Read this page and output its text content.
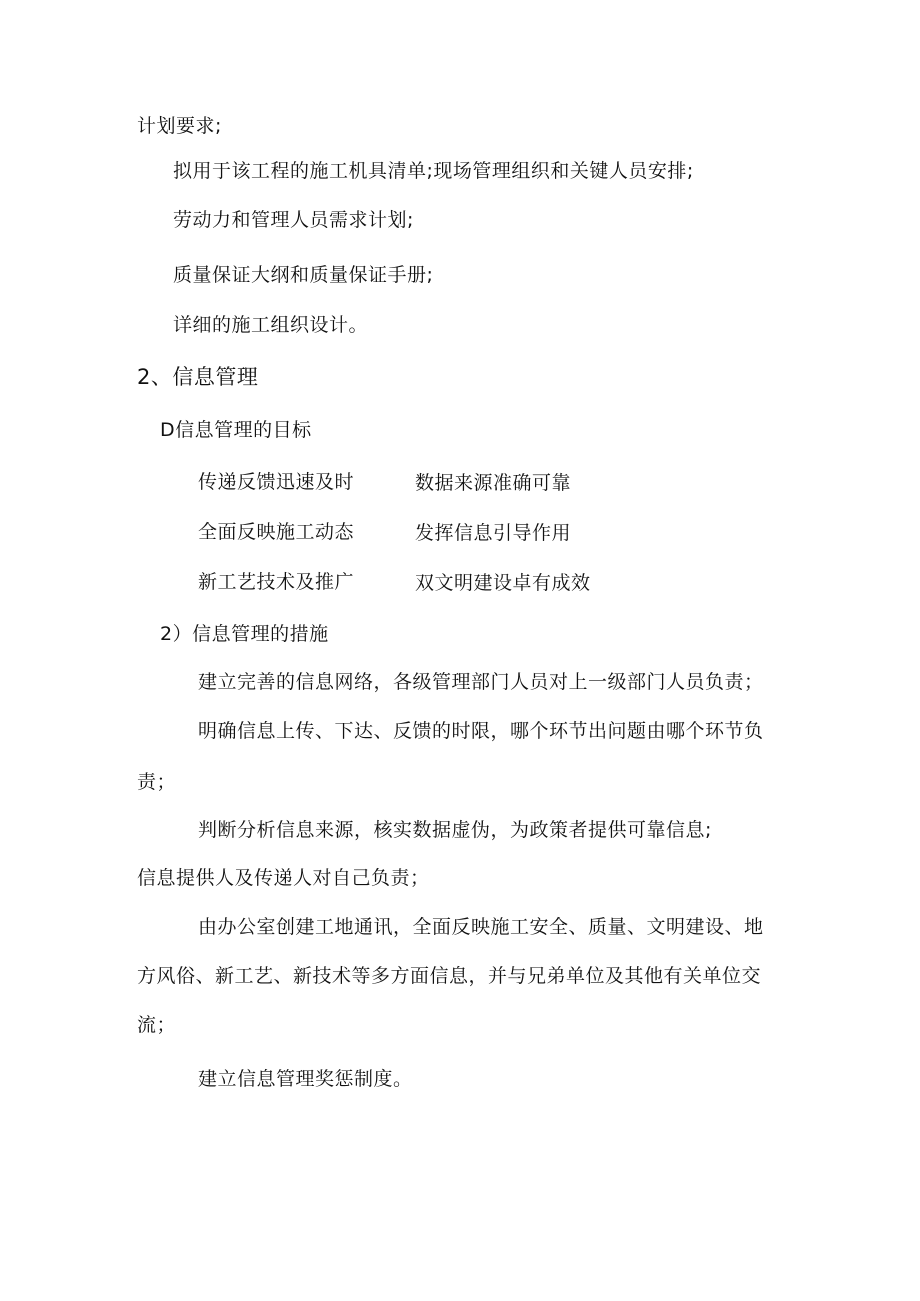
计划要求;
拟用于该工程的施工机具清单;现场管理组织和关键人员安排;
劳动力和管理人员需求计划;
质量保证大纲和质量保证手册;
详细的施工组织设计。
2、信息管理
D信息管理的目标
传递反馈迅速及时	数据来源准确可靠
全面反映施工动态	发挥信息引导作用
新工艺技术及推广	双文明建设卓有成效
2）信息管理的措施
建立完善的信息网络，各级管理部门人员对上一级部门人员负责；
明确信息上传、下达、反馈的时限，哪个环节出问题由哪个环节负
责；
判断分析信息来源，核实数据虚伪，为政策者提供可靠信息;
信息提供人及传递人对自己负责；
由办公室创建工地通讯，全面反映施工安全、质量、文明建设、地
方风俗、新工艺、新技术等多方面信息，并与兄弟单位及其他有关单位交
流；
建立信息管理奖惩制度。
